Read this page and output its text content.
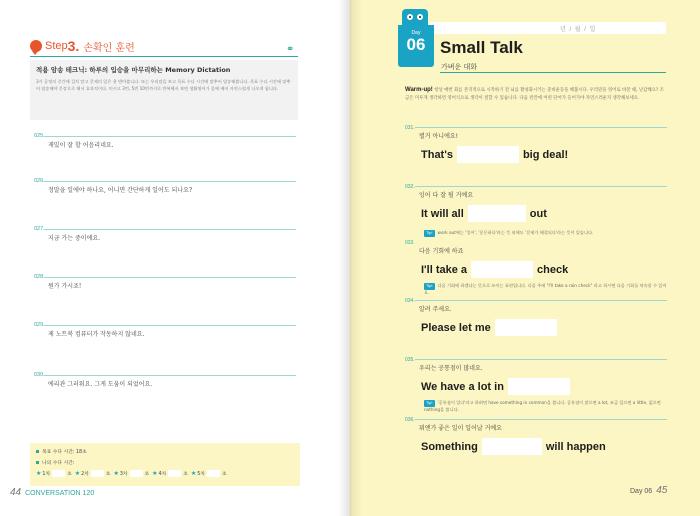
Step 3. 손확인 훈련	⚭
적용 암송 테크닉: 하루의 입승을 마무리하는 Memory Dictation
3가 공정의 중간에 걸치 말고 문제의 일은 용 받아씁니다. 또는 우리말을 보고 목표 수다 시간에 맞추어 암송해봅니다. 목표 수다 시간에 맞추어 암송해야 문장으로 해서 효과적이다. 미시고 3번, 5번 10번까지로 반복해서 보면 생활영어가 몸에 배어 자연스럽게 나오게 됩니다.
025.
재밌이 잘 할 어음리네요.
026.
정말을 일에야 하나요, 어니면 간단하게 일어도 되나요?
027.
지금 가는 중이에요.
028.
뭔가 가시죠!
029.
제 노트북 컴퓨터가 작동하지 않네요.
030.
에리관 그러워요. 그게 도움이 되었어요.
목표 수다 시간: 18초
나의 수다 시간:
★ 1차	초 ★ 2차	초 ★ 3차	초 ★ 4차	초 ★ 5차	초
44 CONVERSATION 120
년 / 월 / 일
Day
06 Small Talk
가벼운 대화
Warm-up! 항상 매번 회를 본격적으로 시작하기 전 뇌를 활성화시키는 준비운동을 해봅시다. 우리말을 영어로 바꿀 때, 난감해요? 조금은 미루게 생각하면 영어식으로 생각이 절할 수 있습니다. 다음 빈칸에 어떤 단어가 들어가야 자연스러운지 생각해보세요.
031.
별거 아니에요!
That's	big deal!
032.
잉어 다 잘 될 거예요
It will all	out
Tip! work out에는 '잉어', '운동하다'라는 뜻 외에도 '문제가 해결되다'라는 뜻이 있습니다.
033.
다음 기회에 하죠
I'll take a	check
Tip! 다음 기회에 하겠다는 뜻으로 쓰이는 표현입니다. 다음 주에 "I'll take a rain check" 라고 하시면 다음 기회를 약속할 수 있어요.
034.
알려 주세요.
Please let me
035.
우리는 공통점이 많네요.
We have a lot in
Tip! '공통점이 있다'라고 하려면 have something in common을 씁니다. 공통점이 많으면 a lot, 조금 있으면 a little, 없으면 nothing을 씁니다.
036.
뭐엔가 좋은 일이 일어날 거예요
Something	will happen
Day 06 45
